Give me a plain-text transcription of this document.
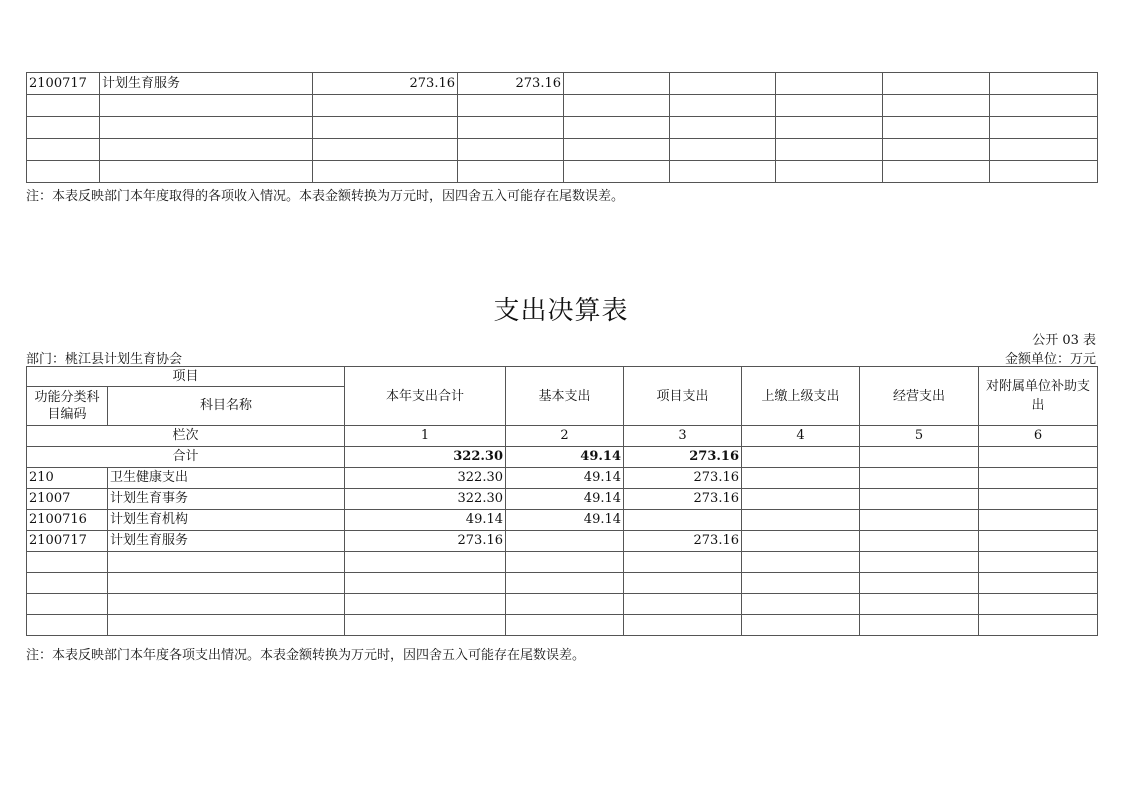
2100717	计划生育服务	273.16	273.16					

注：本表反映部门本年度取得的各项收入情况。本表金额转换为万元时，因四舍五入可能存在尾数误差。
支出决算表
公开 03 表
部门：桃江县计划生育协会	金额单位：万元
项目		本年支出合计	基本支出	项目支出	上缴上级支出	经营支出	对附属单位补助支出
功能分类科目编码	科目名称						
栏次		1	2	3	4	5	6
合计		322.30	49.14	273.16			
210	卫生健康支出	322.30	49.14	273.16			
21007	计划生育事务	322.30	49.14	273.16			
2100716	计划生育机构	49.14	49.14				
2100717	计划生育服务	273.16		273.16			

注：本表反映部门本年度各项支出情况。本表金额转换为万元时，因四舍五入可能存在尾数误差。
